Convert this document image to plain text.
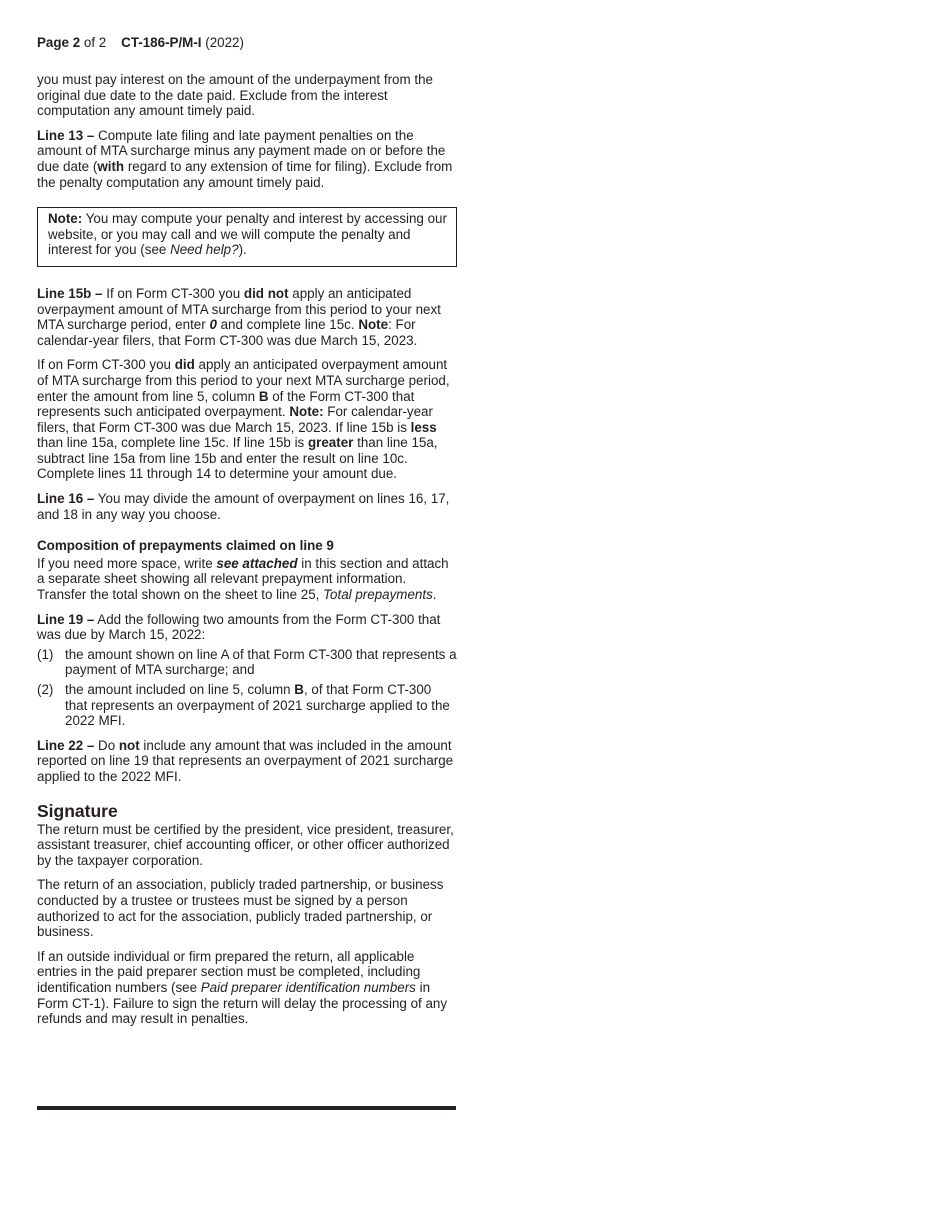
Page 2 of 2 CT-186-P/M-I (2022)

you must pay interest on the amount of the underpayment from the original due date to the date paid. Exclude from the interest computation any amount timely paid.

Line 13 – Compute late filing and late payment penalties on the amount of MTA surcharge minus any payment made on or before the due date (with regard to any extension of time for filing). Exclude from the penalty computation any amount timely paid.

Note: You may compute your penalty and interest by accessing our website, or you may call and we will compute the penalty and interest for you (see Need help?).

Line 15b – If on Form CT-300 you did not apply an anticipated overpayment amount of MTA surcharge from this period to your next MTA surcharge period, enter 0 and complete line 15c. Note: For calendar-year filers, that Form CT-300 was due March 15, 2023.

If on Form CT-300 you did apply an anticipated overpayment amount of MTA surcharge from this period to your next MTA surcharge period, enter the amount from line 5, column B of the Form CT-300 that represents such anticipated overpayment. Note: For calendar-year filers, that Form CT-300 was due March 15, 2023. If line 15b is less than line 15a, complete line 15c. If line 15b is greater than line 15a, subtract line 15a from line 15b and enter the result on line 10c. Complete lines 11 through 14 to determine your amount due.

Line 16 – You may divide the amount of overpayment on lines 16, 17, and 18 in any way you choose.

Composition of prepayments claimed on line 9

If you need more space, write see attached in this section and attach a separate sheet showing all relevant prepayment information. Transfer the total shown on the sheet to line 25, Total prepayments.

Line 19 – Add the following two amounts from the Form CT-300 that was due by March 15, 2022:

(1) the amount shown on line A of that Form CT-300 that represents a payment of MTA surcharge; and
(2) the amount included on line 5, column B, of that Form CT-300 that represents an overpayment of 2021 surcharge applied to the 2022 MFI.

Line 22 – Do not include any amount that was included in the amount reported on line 19 that represents an overpayment of 2021 surcharge applied to the 2022 MFI.

Signature

The return must be certified by the president, vice president, treasurer, assistant treasurer, chief accounting officer, or other officer authorized by the taxpayer corporation.

The return of an association, publicly traded partnership, or business conducted by a trustee or trustees must be signed by a person authorized to act for the association, publicly traded partnership, or business.

If an outside individual or firm prepared the return, all applicable entries in the paid preparer section must be completed, including identification numbers (see Paid preparer identification numbers in Form CT-1). Failure to sign the return will delay the processing of any refunds and may result in penalties.
